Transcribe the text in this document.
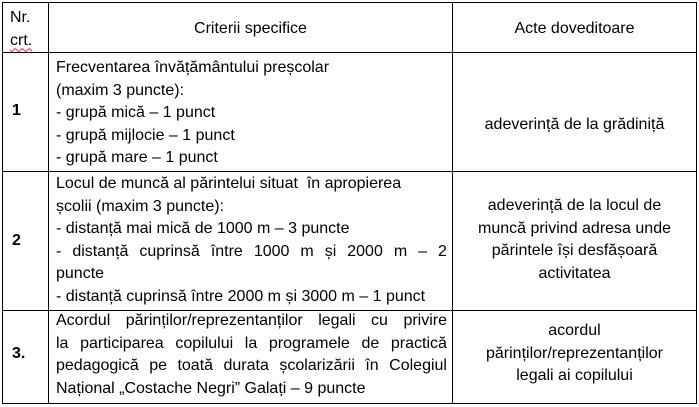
Nr.
crt.
Criterii specifice	Acte doveditoare
1
Frecventarea învățământului preșcolar
(maxim 3 puncte):
- grupă mică – 1 punct
- grupă mijlocie – 1 punct
- grupă mare – 1 punct
adeverință de la grădiniță
2
Locul de muncă al părintelui situat  în apropierea
școlii (maxim 3 puncte):
- distanță mai mică de 1000 m – 3 puncte
- distanță cuprinsă între 1000 m și 2000 m – 2
puncte
- distanță cuprinsă între 2000 m și 3000 m – 1 punct
adeverință de la locul de
muncă privind adresa unde
părintele își desfășoară
activitatea
3.
Acordul părinților/reprezentanților legali cu privire
la participarea copilului la programele de practică
pedagogică pe toată durata școlarizării în Colegiul
Național „Costache Negri” Galați – 9 puncte
acordul
părinților/reprezentanților
legali ai copilului
